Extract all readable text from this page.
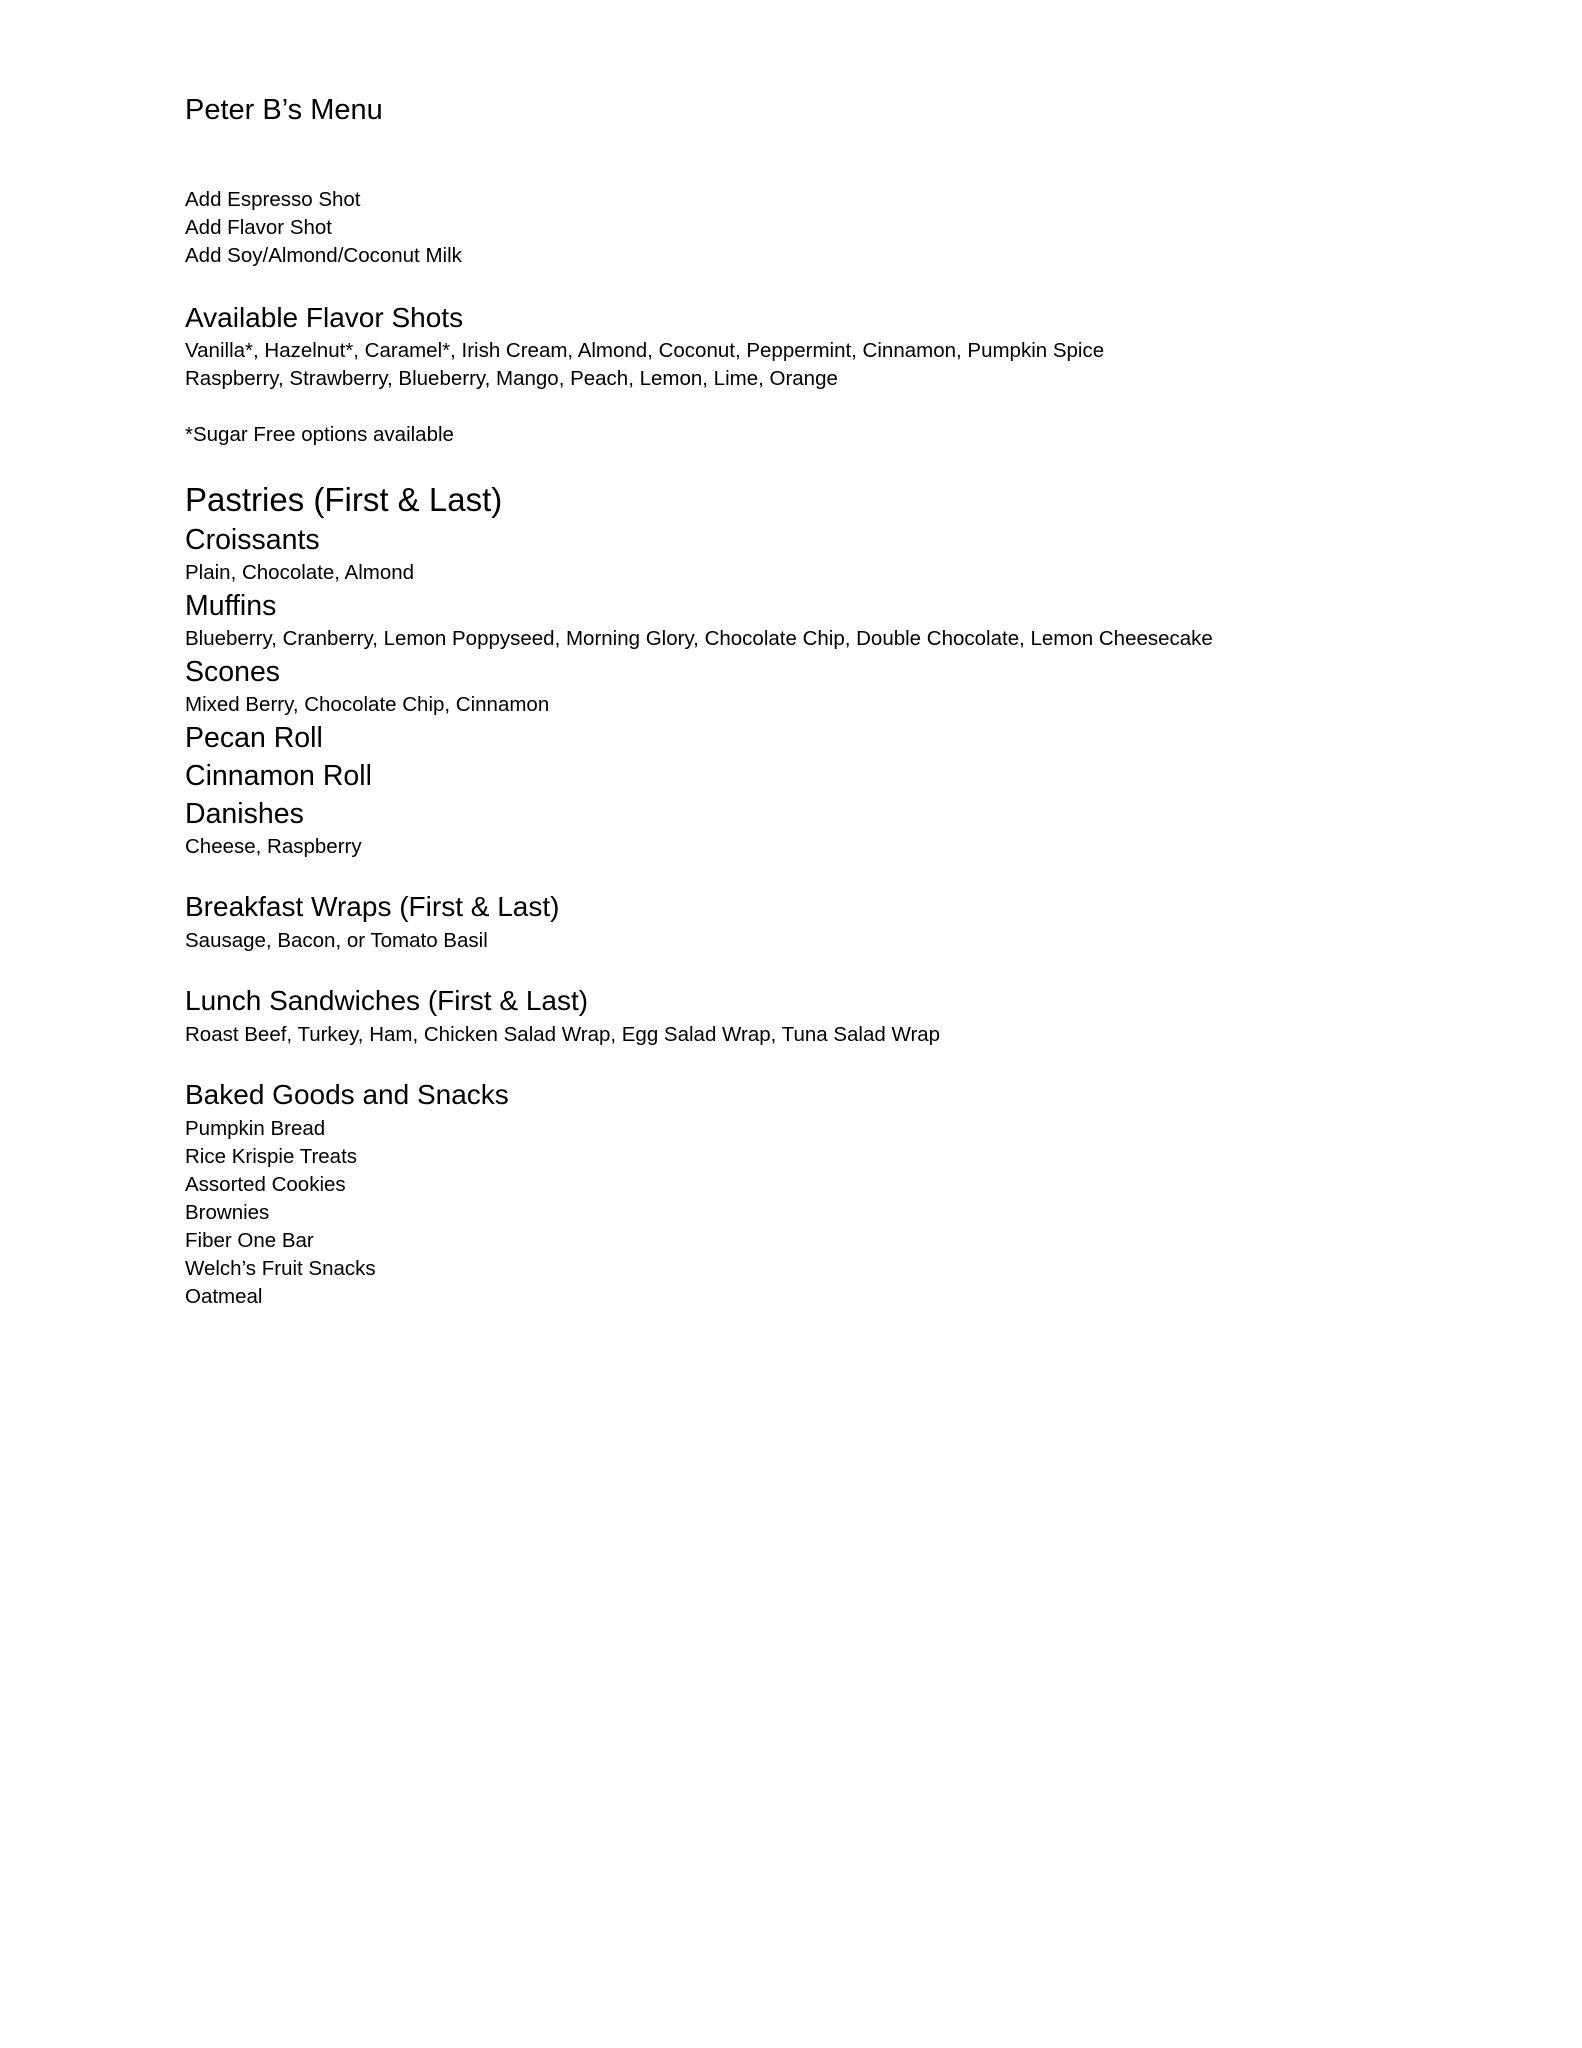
Peter B’s Menu
Add Espresso Shot
Add Flavor Shot
Add Soy/Almond/Coconut Milk
Available Flavor Shots
Vanilla*, Hazelnut*, Caramel*, Irish Cream, Almond, Coconut, Peppermint, Cinnamon, Pumpkin Spice
Raspberry, Strawberry, Blueberry, Mango, Peach, Lemon, Lime, Orange
*Sugar Free options available
Pastries (First & Last)
Croissants
Plain, Chocolate, Almond
Muffins
Blueberry, Cranberry, Lemon Poppyseed, Morning Glory, Chocolate Chip, Double Chocolate, Lemon Cheesecake
Scones
Mixed Berry, Chocolate Chip, Cinnamon
Pecan Roll
Cinnamon Roll
Danishes
Cheese, Raspberry
Breakfast Wraps (First & Last)
Sausage, Bacon, or Tomato Basil
Lunch Sandwiches (First & Last)
Roast Beef, Turkey, Ham, Chicken Salad Wrap, Egg Salad Wrap, Tuna Salad Wrap
Baked Goods and Snacks
Pumpkin Bread
Rice Krispie Treats
Assorted Cookies
Brownies
Fiber One Bar
Welch’s Fruit Snacks
Oatmeal
